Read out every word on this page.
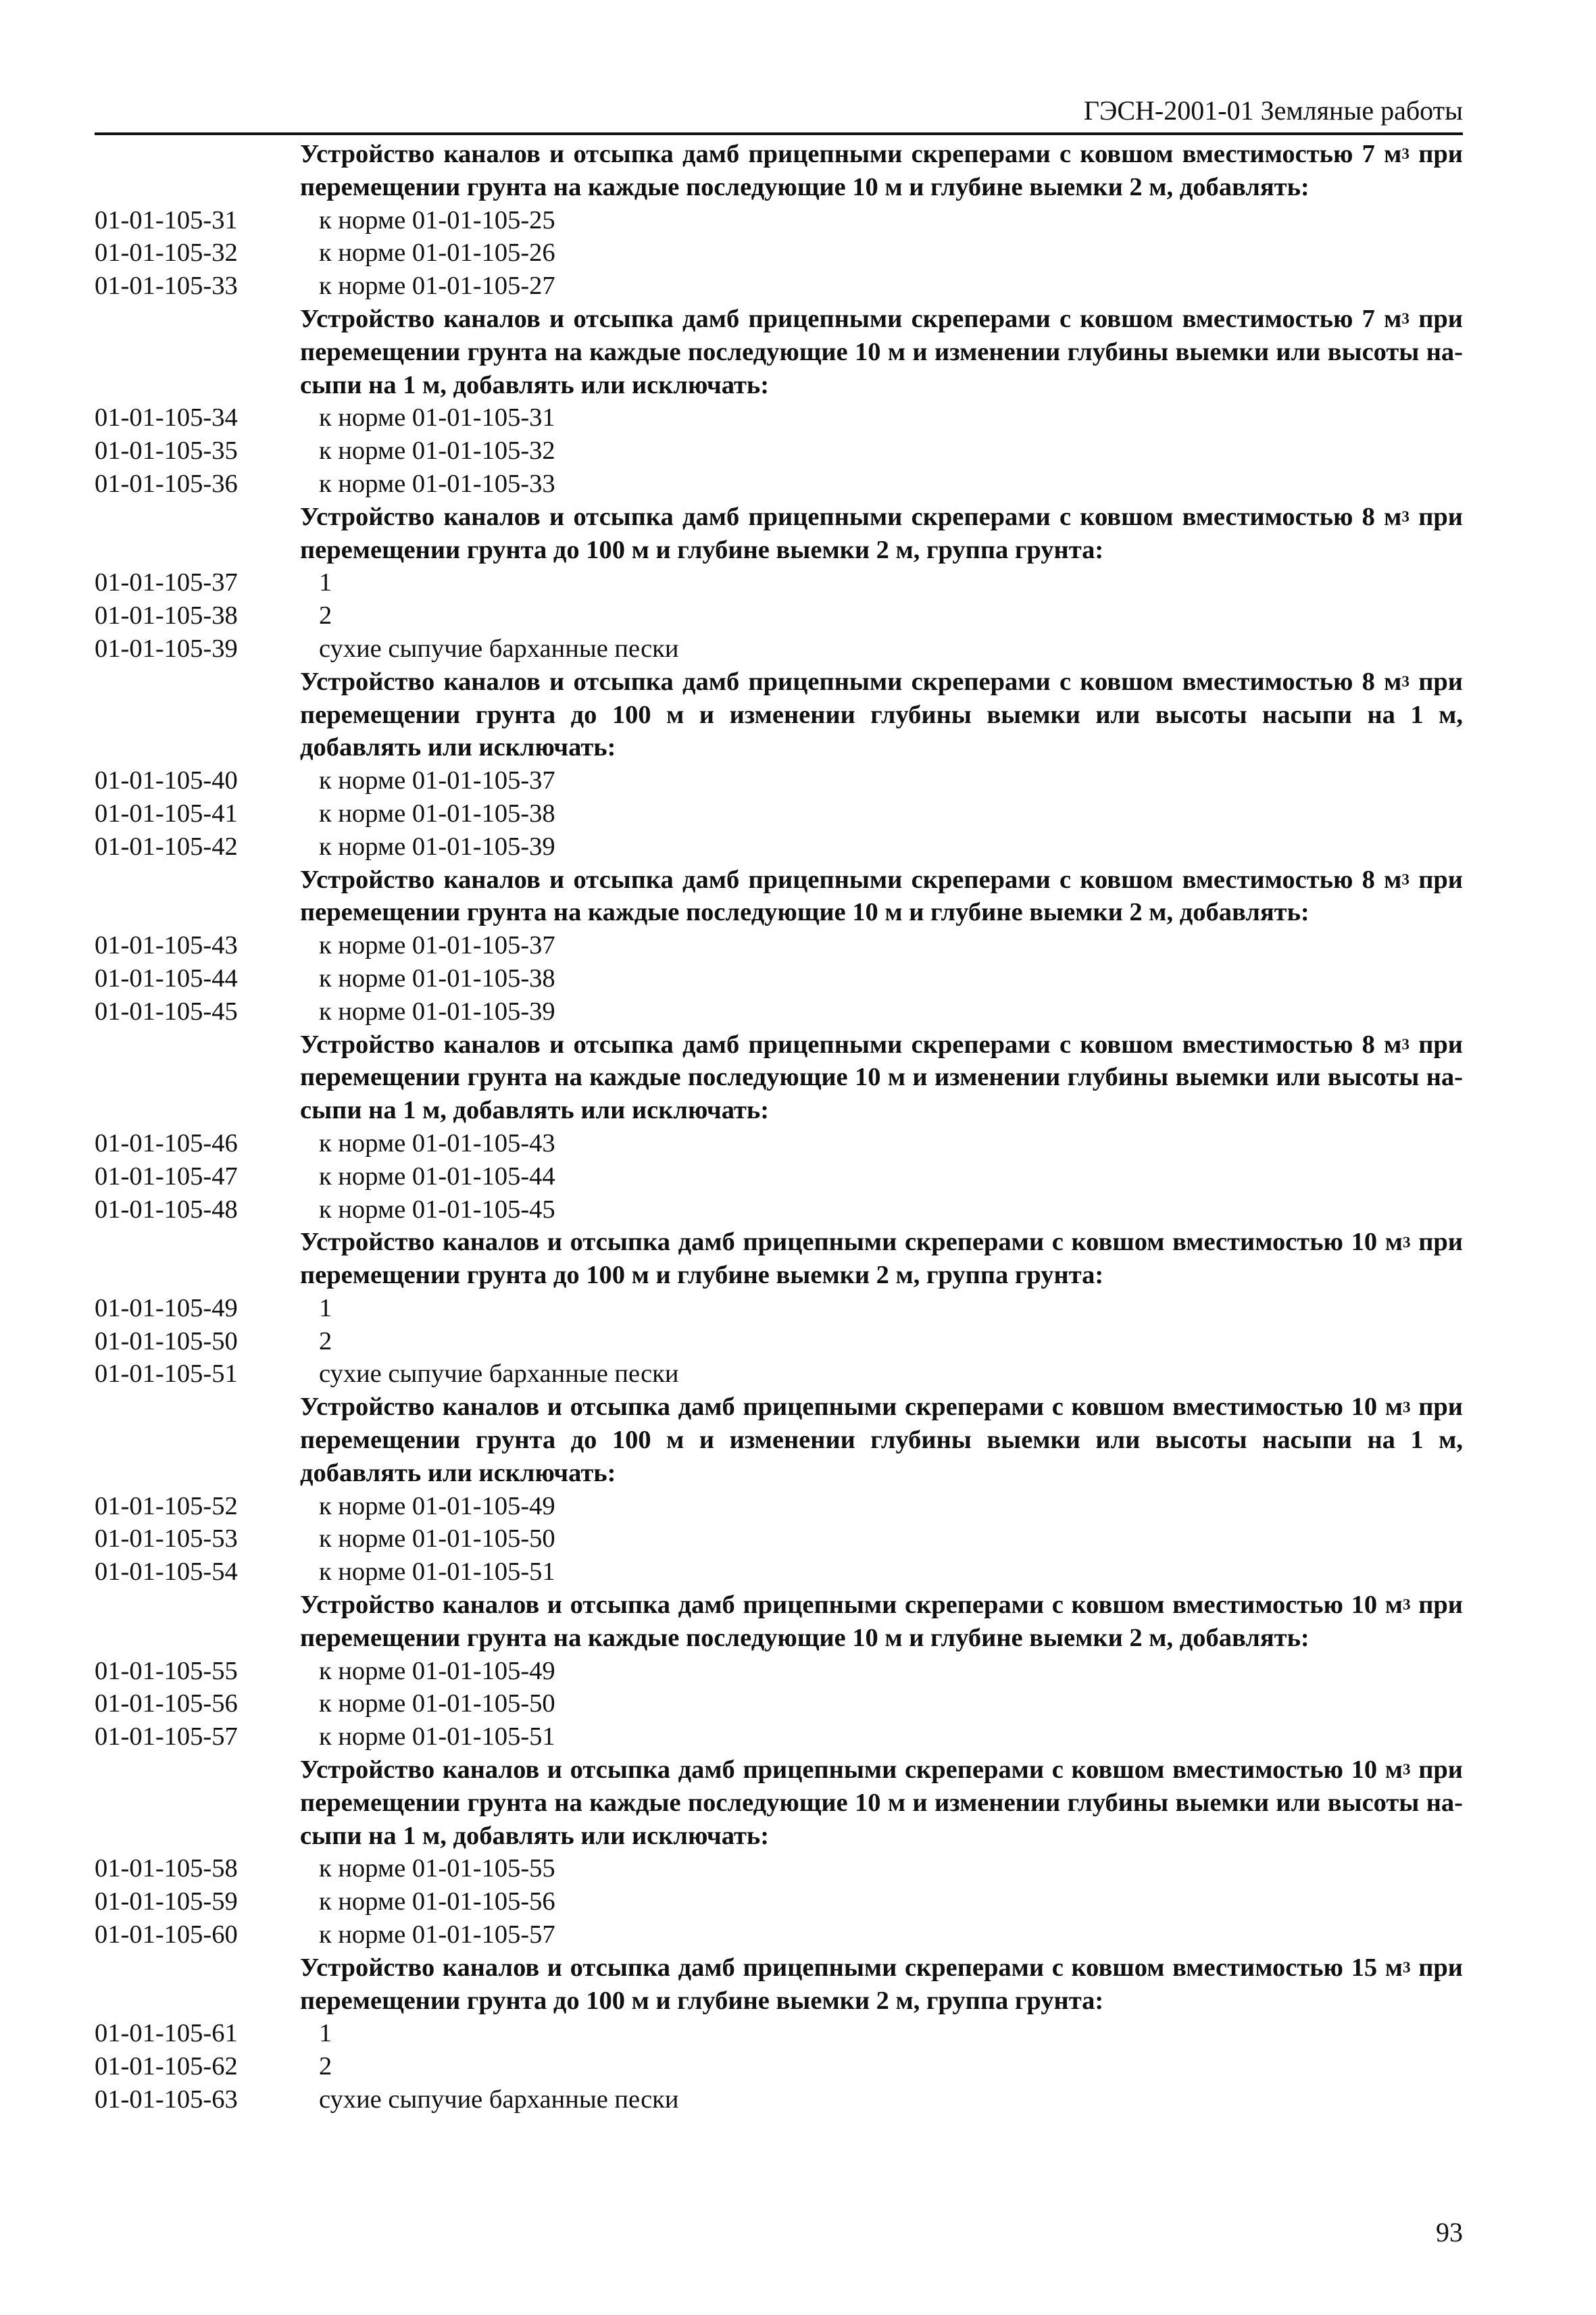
ГЭСН-2001-01 Земляные работы
Устройство каналов и отсыпка дамб прицепными скреперами с ковшом вместимостью 7 $м^3$ при перемещении грунта на каждые последующие 10 м и глубине выемки 2 м, добавлять:
01-01-105-31	к норме 01-01-105-25
01-01-105-32	к норме 01-01-105-26
01-01-105-33	к норме 01-01-105-27
Устройство каналов и отсыпка дамб прицепными скреперами с ковшом вместимостью 7 $м^3$ при перемещении грунта на каждые последующие 10 м и изменении глубины выемки или высоты насыпи на 1 м, добавлять или исключать:
01-01-105-34	к норме 01-01-105-31
01-01-105-35	к норме 01-01-105-32
01-01-105-36	к норме 01-01-105-33
Устройство каналов и отсыпка дамб прицепными скреперами с ковшом вместимостью 8 $м^3$ при перемещении грунта до 100 м и глубине выемки 2 м, группа грунта:
01-01-105-37	1
01-01-105-38	2
01-01-105-39	сухие сыпучие барханные пески
Устройство каналов и отсыпка дамб прицепными скреперами с ковшом вместимостью 8 $м^3$ при перемещении грунта до 100 м и изменении глубины выемки или высоты насыпи на 1 м, добавлять или исключать:
01-01-105-40	к норме 01-01-105-37
01-01-105-41	к норме 01-01-105-38
01-01-105-42	к норме 01-01-105-39
Устройство каналов и отсыпка дамб прицепными скреперами с ковшом вместимостью 8 $м^3$ при перемещении грунта на каждые последующие 10 м и глубине выемки 2 м, добавлять:
01-01-105-43	к норме 01-01-105-37
01-01-105-44	к норме 01-01-105-38
01-01-105-45	к норме 01-01-105-39
Устройство каналов и отсыпка дамб прицепными скреперами с ковшом вместимостью 8 $м^3$ при перемещении грунта на каждые последующие 10 м и изменении глубины выемки или высоты насыпи на 1 м, добавлять или исключать:
01-01-105-46	к норме 01-01-105-43
01-01-105-47	к норме 01-01-105-44
01-01-105-48	к норме 01-01-105-45
Устройство каналов и отсыпка дамб прицепными скреперами с ковшом вместимостью 10 $м^3$ при перемещении грунта до 100 м и глубине выемки 2 м, группа грунта:
01-01-105-49	1
01-01-105-50	2
01-01-105-51	сухие сыпучие барханные пески
Устройство каналов и отсыпка дамб прицепными скреперами с ковшом вместимостью 10 $м^3$ при перемещении грунта до 100 м и изменении глубины выемки или высоты насыпи на 1 м, добавлять или исключать:
01-01-105-52	к норме 01-01-105-49
01-01-105-53	к норме 01-01-105-50
01-01-105-54	к норме 01-01-105-51
Устройство каналов и отсыпка дамб прицепными скреперами с ковшом вместимостью 10 $м^3$ при перемещении грунта на каждые последующие 10 м и глубине выемки 2 м, добавлять:
01-01-105-55	к норме 01-01-105-49
01-01-105-56	к норме 01-01-105-50
01-01-105-57	к норме 01-01-105-51
Устройство каналов и отсыпка дамб прицепными скреперами с ковшом вместимостью 10 $м^3$ при перемещении грунта на каждые последующие 10 м и изменении глубины выемки или высоты насыпи на 1 м, добавлять или исключать:
01-01-105-58	к норме 01-01-105-55
01-01-105-59	к норме 01-01-105-56
01-01-105-60	к норме 01-01-105-57
Устройство каналов и отсыпка дамб прицепными скреперами с ковшом вместимостью 15 $м^3$ при перемещении грунта до 100 м и глубине выемки 2 м, группа грунта:
01-01-105-61	1
01-01-105-62	2
01-01-105-63	сухие сыпучие барханные пески
93
